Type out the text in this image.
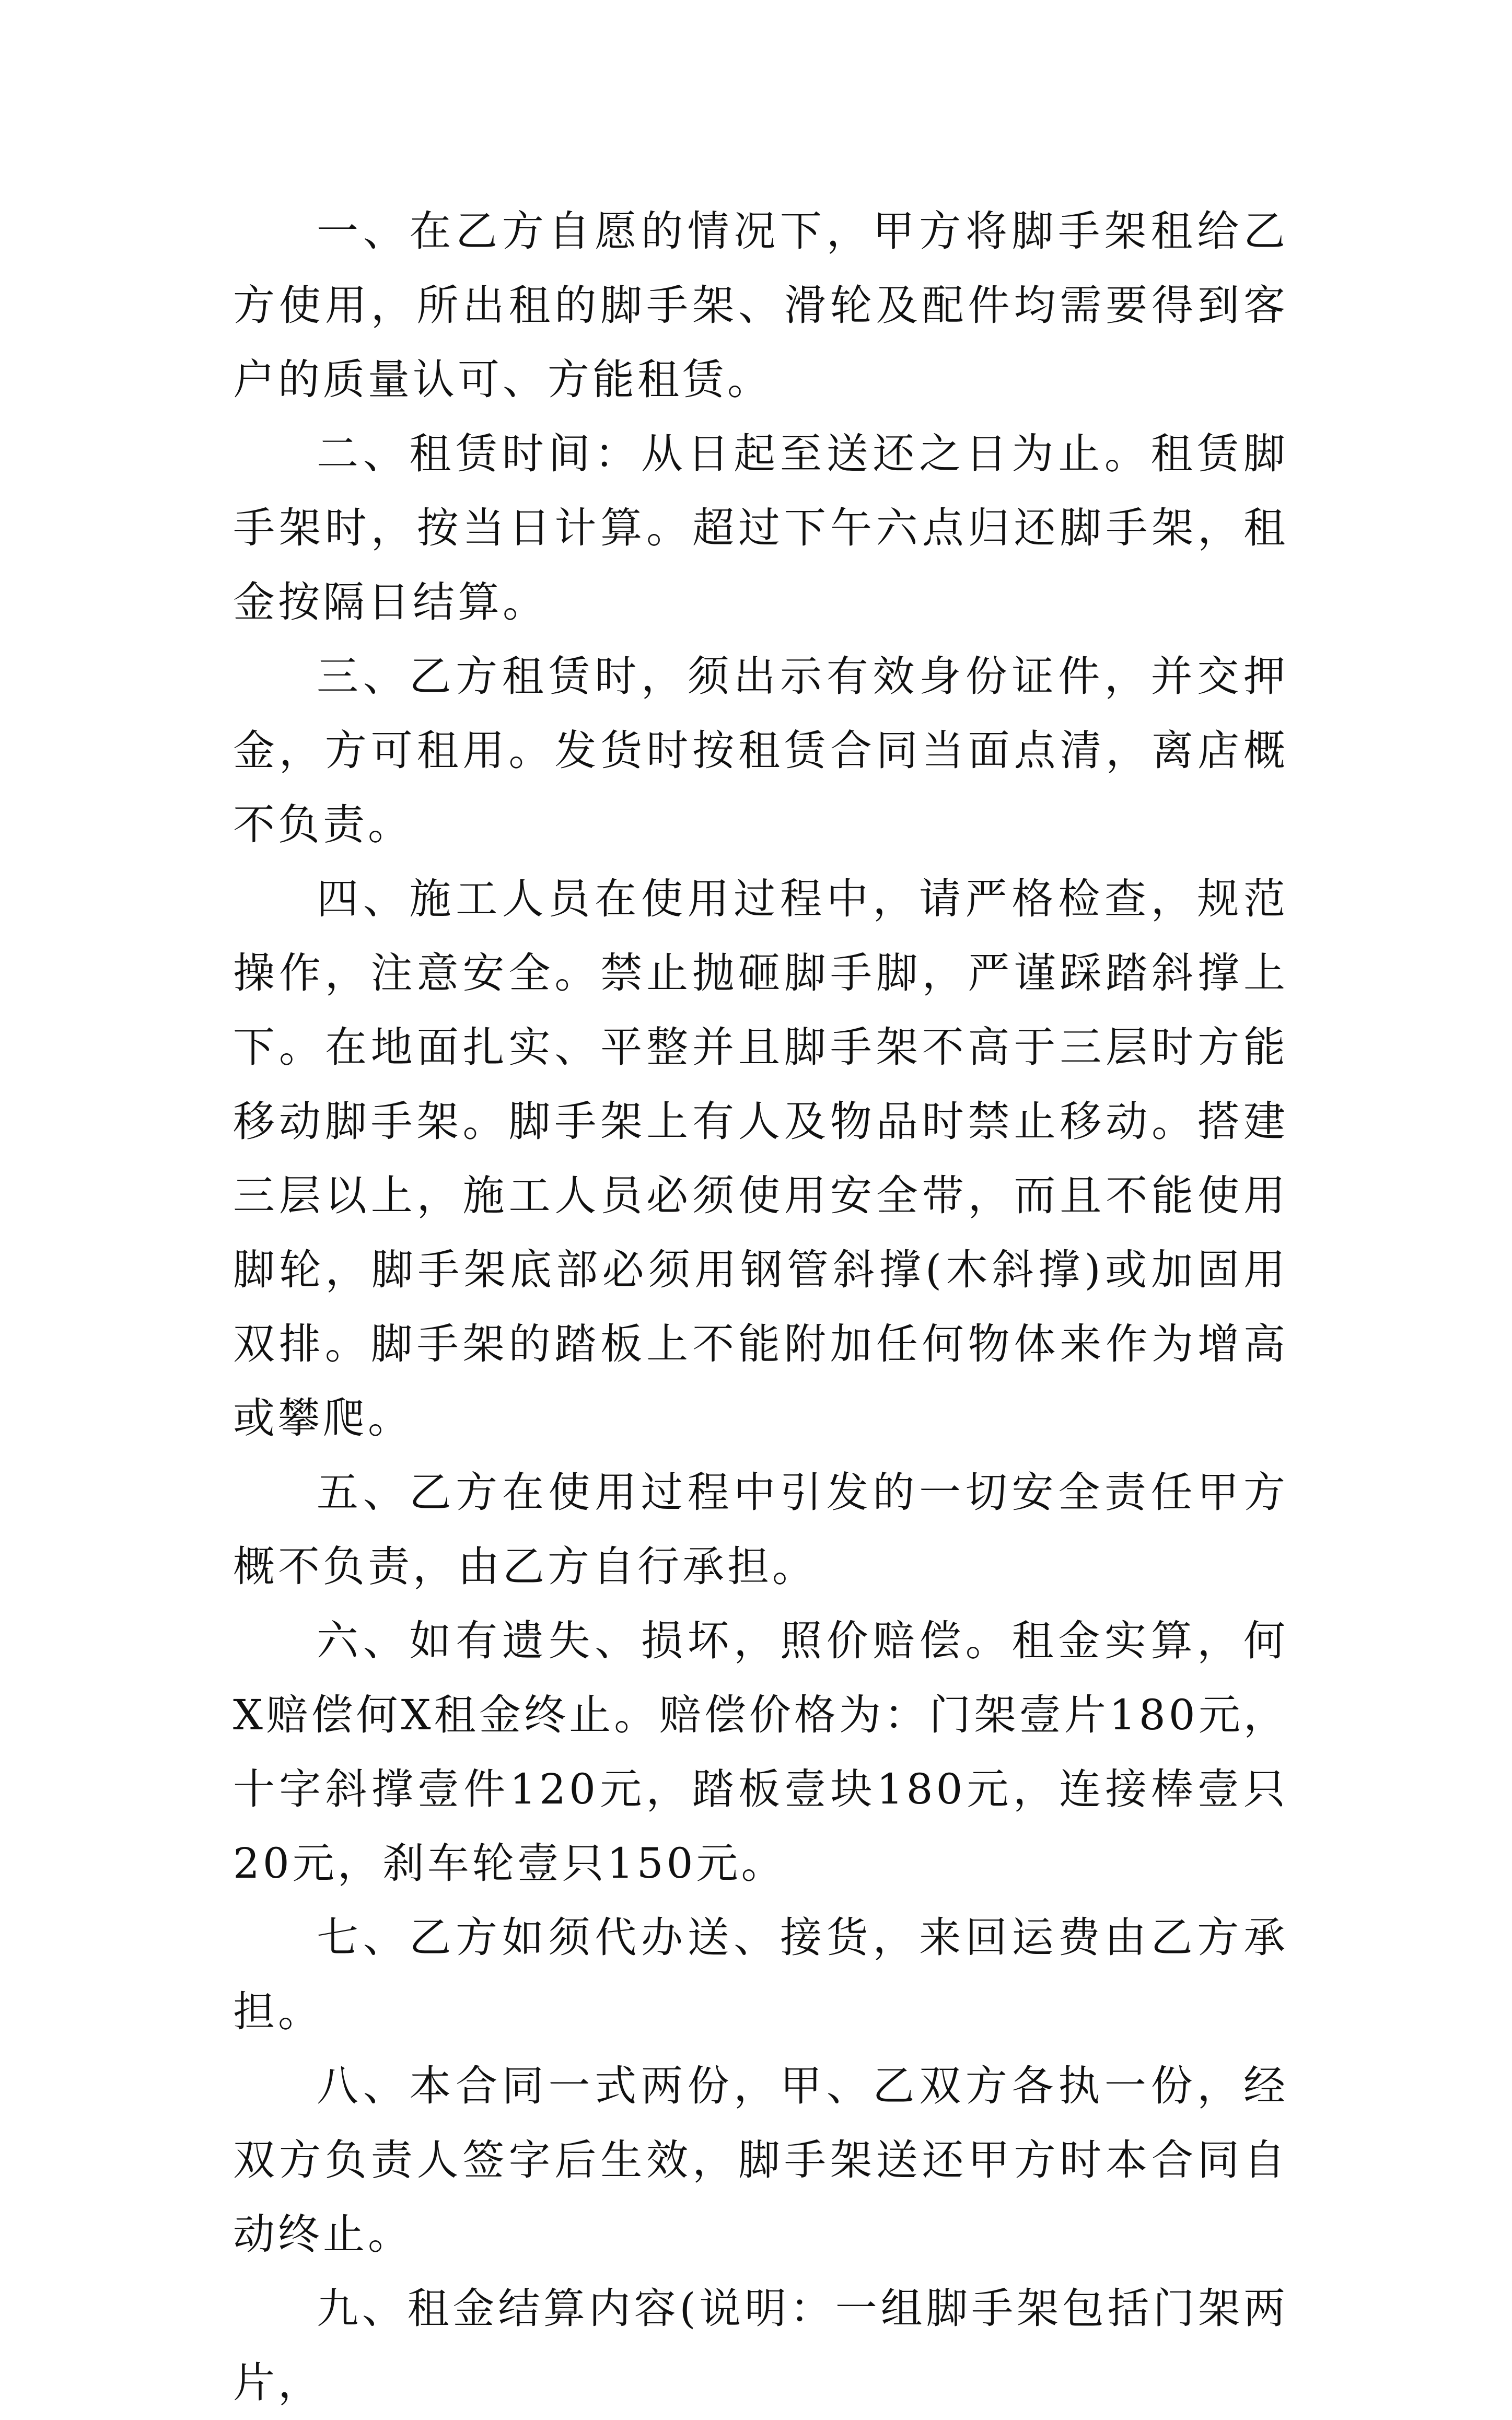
一、在乙方自愿的情况下，甲方将脚手架租给乙方使用，所出租的脚手架、滑轮及配件均需要得到客户的质量认可、方能租赁。

二、租赁时间：从日起至送还之日为止。租赁脚手架时，按当日计算。超过下午六点归还脚手架，租金按隔日结算。

三、乙方租赁时，须出示有效身份证件，并交押金，方可租用。发货时按租赁合同当面点清，离店概不负责。

四、施工人员在使用过程中，请严格检查，规范操作，注意安全。禁止抛砸脚手脚，严谨踩踏斜撑上下。在地面扎实、平整并且脚手架不高于三层时方能移动脚手架。脚手架上有人及物品时禁止移动。搭建三层以上，施工人员必须使用安全带，而且不能使用脚轮，脚手架底部必须用钢管斜撑(木斜撑)或加固用双排。脚手架的踏板上不能附加任何物体来作为增高或攀爬。

五、乙方在使用过程中引发的一切安全责任甲方概不负责，由乙方自行承担。

六、如有遗失、损坏，照价赔偿。租金实算，何X赔偿何X租金终止。赔偿价格为：门架壹片180元，十字斜撑壹件120元，踏板壹块180元，连接棒壹只20元，刹车轮壹只150元。

七、乙方如须代办送、接货，来回运费由乙方承担。

八、本合同一式两份，甲、乙双方各执一份，经双方负责人签字后生效，脚手架送还甲方时本合同自动终止。

九、租金结算内容(说明：一组脚手架包括门架两片，
